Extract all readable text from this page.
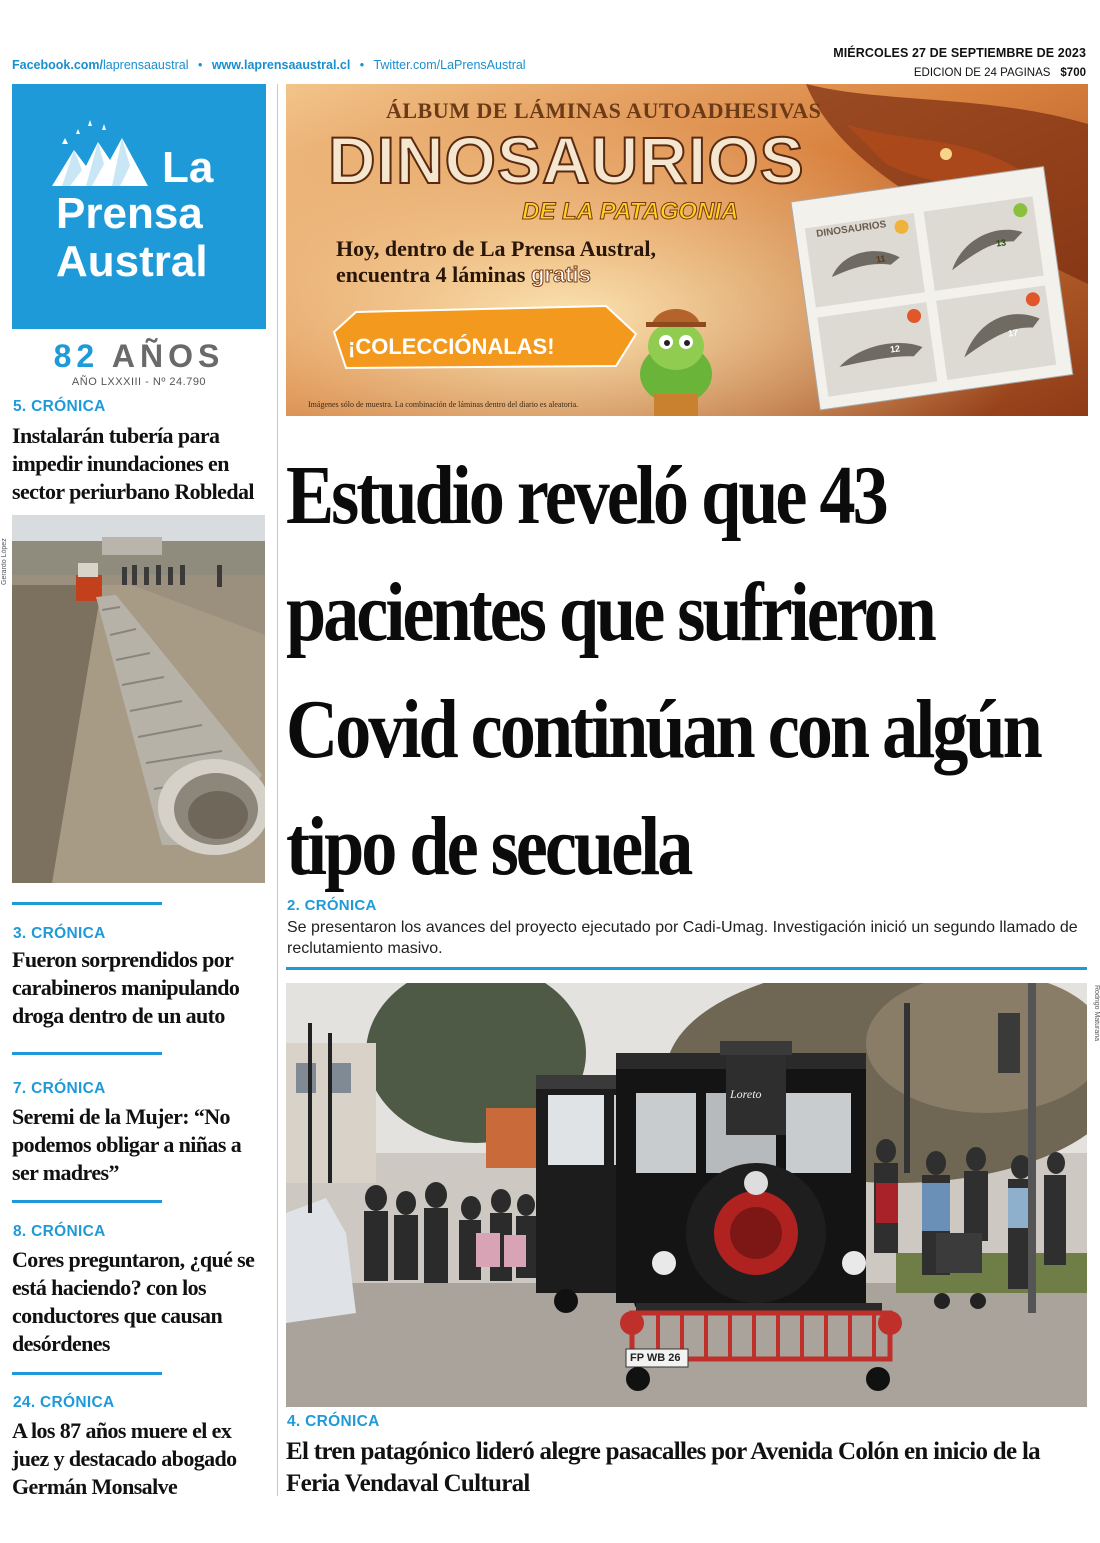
Facebook.com/laprensaaustral • www.laprensaaustral.cl • Twitter.com/LaPrensAustral
MIÉRCOLES 27 DE SEPTIEMBRE DE 2023
EDICION DE 24 PAGINAS $700
La
Prensa
Austral
82 AÑOS
AÑO LXXXIII - Nº 24.790
5. CRÓNICA
Instalarán tubería para impedir inundaciones en sector periurbano Robledal
Gerardo López
3. CRÓNICA
Fueron sorprendidos por carabineros manipulando droga dentro de un auto
7. CRÓNICA
Seremi de la Mujer: “No podemos obligar a niñas a ser madres”
8. CRÓNICA
Cores preguntaron, ¿qué se está haciendo? con los conductores que causan desórdenes
24. CRÓNICA
A los 87 años muere el ex juez y destacado abogado Germán Monsalve
ÁLBUM DE LÁMINAS AUTOADHESIVAS
DINOSAURIOS
DE LA PATAGONIA
Hoy, dentro de La Prensa Austral,
encuentra 4 láminas gratis
¡COLECCIÓNALAS!
DINOSAURIOS
11
13
12
17
Imágenes sólo de muestra. La combinación de láminas dentro del diario es aleatoria.
Estudio reveló que 43 pacientes que sufrieron Covid continúan con algún tipo de secuela
2. CRÓNICA
Se presentaron los avances del proyecto ejecutado por Cadi-Umag. Investigación inició un segundo llamado de reclutamiento masivo.
Rodrigo Maturana
Loreto
FP WB 26
4. CRÓNICA
El tren patagónico lideró alegre pasacalles por Avenida Colón en inicio de la Feria Vendaval Cultural
